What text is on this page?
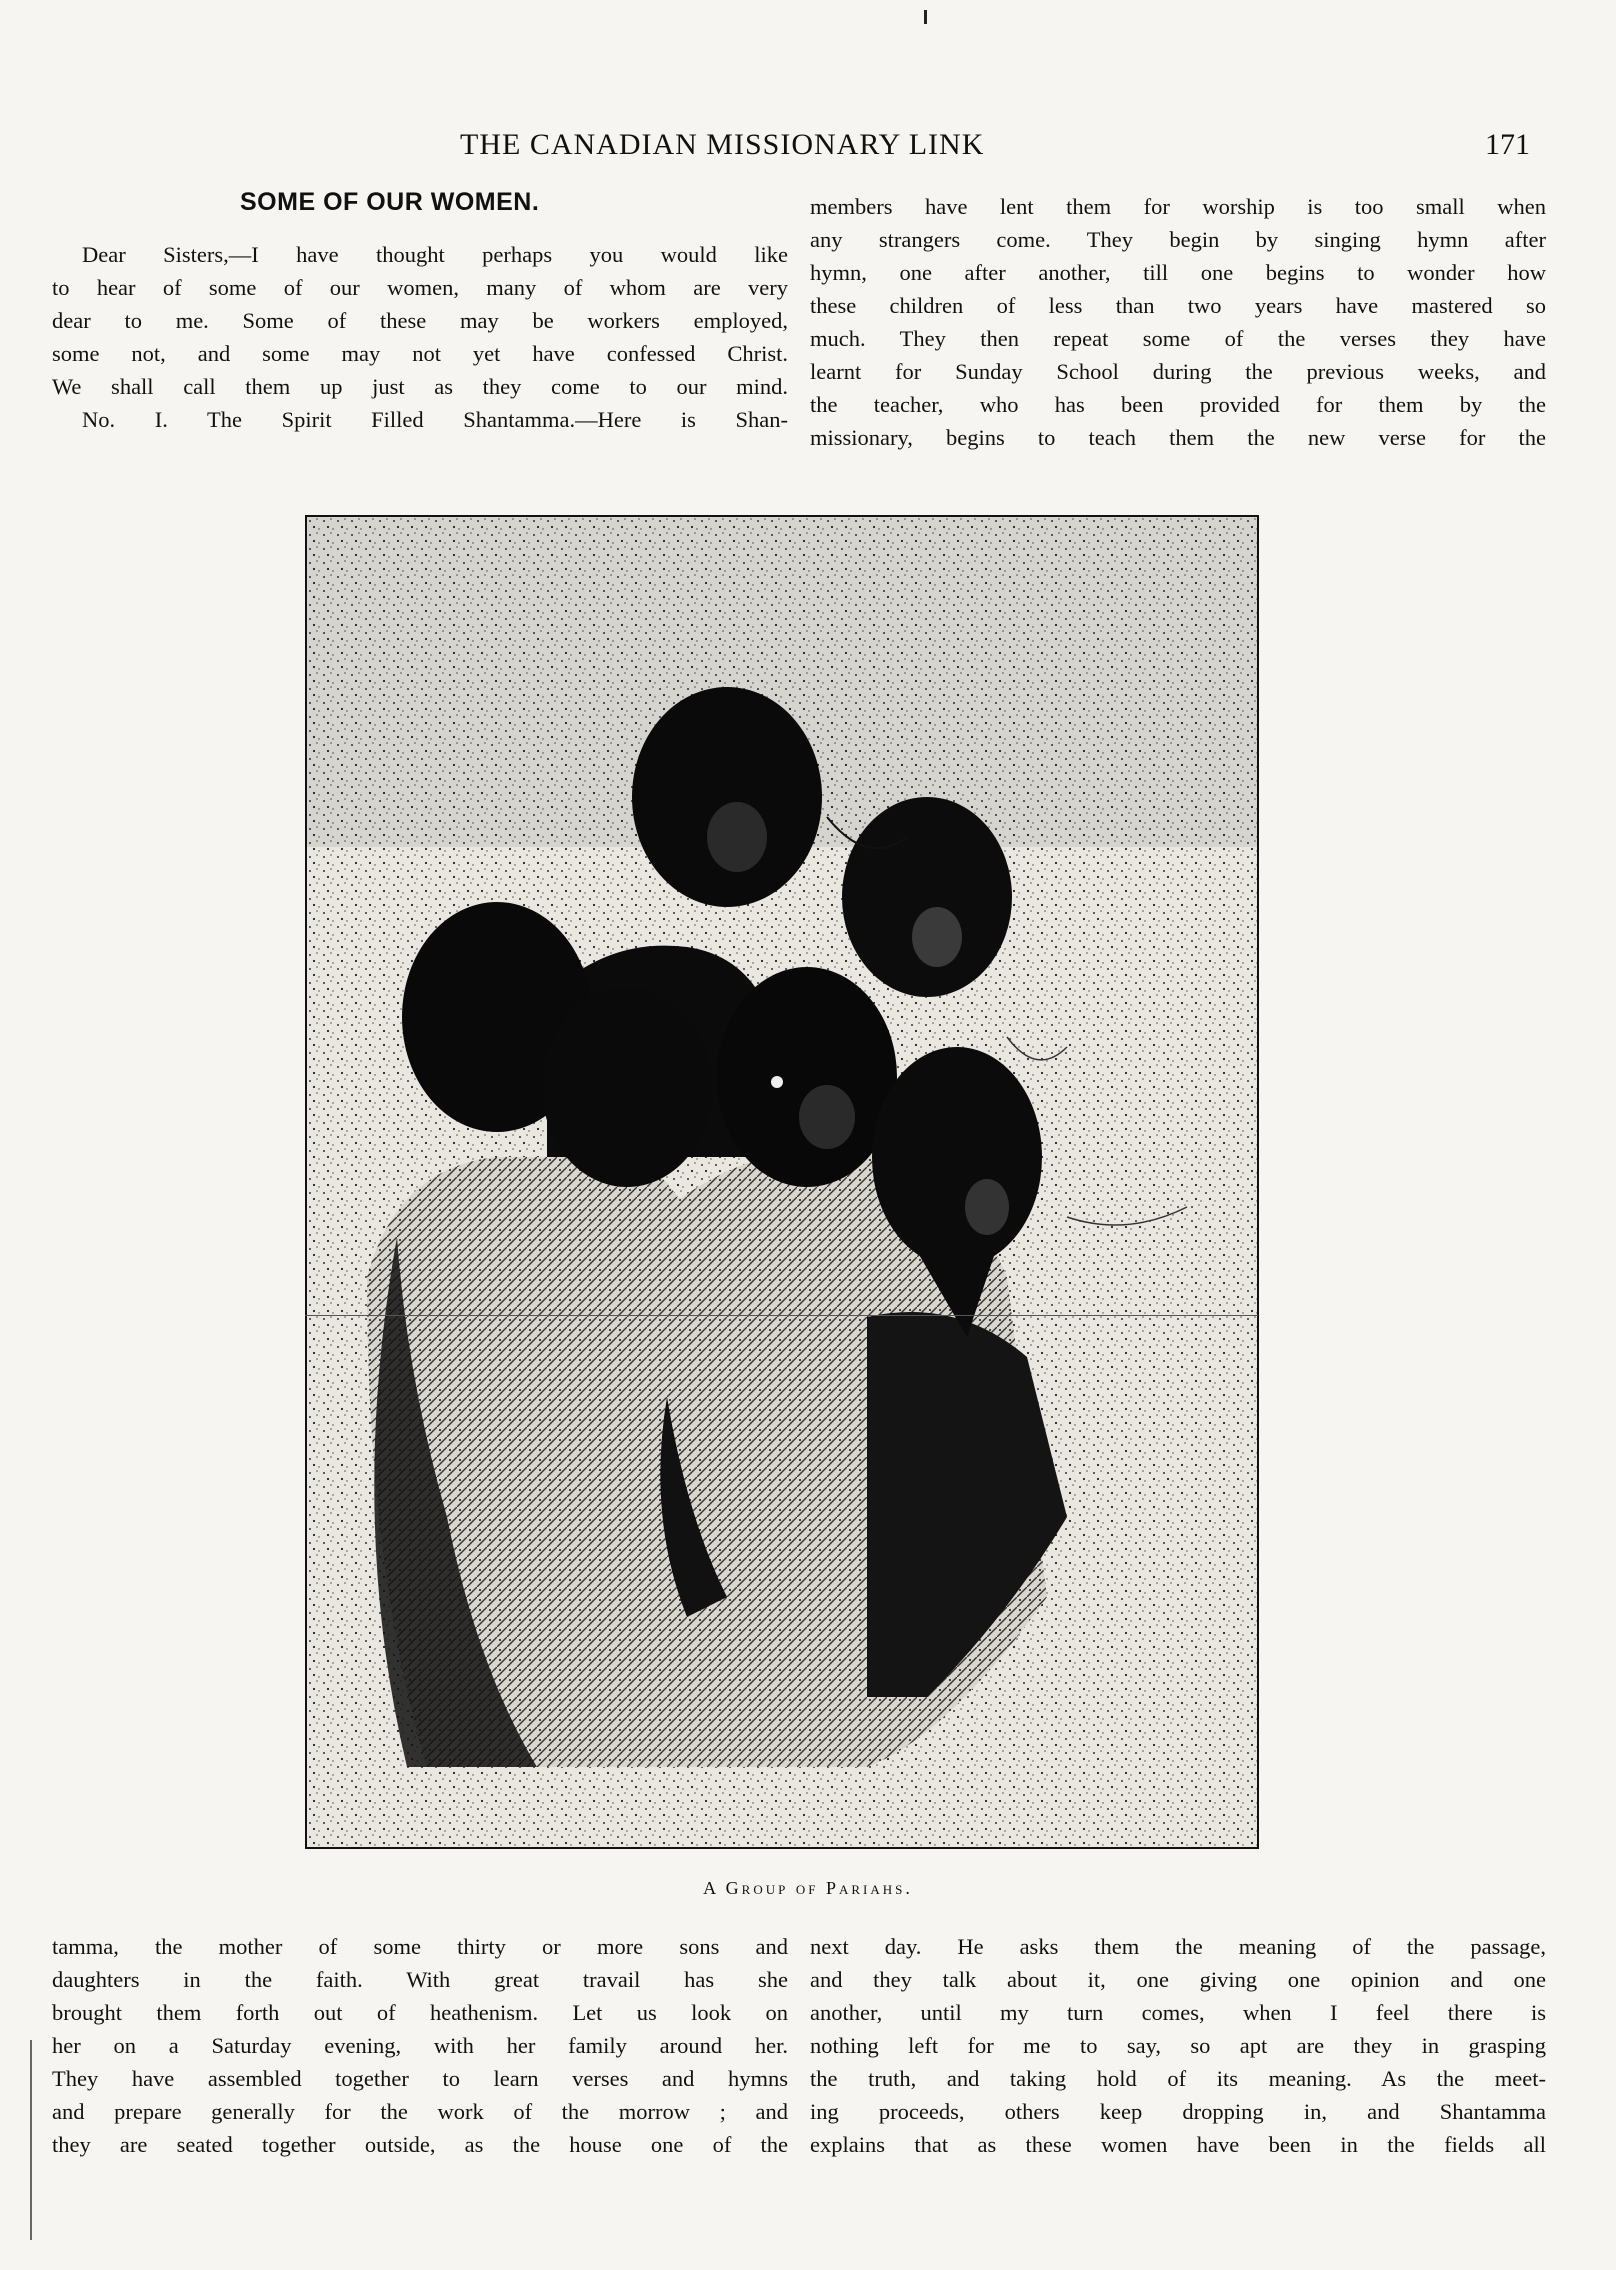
THE CANADIAN MISSIONARY LINK	171
SOME OF OUR WOMEN.
Dear Sisters,—I have thought perhaps you would like
to hear of some of our women, many of whom are very
dear to me. Some of these may be workers employed,
some not, and some may not yet have confessed Christ.
We shall call them up just as they come to our mind.
No. I. The Spirit Filled Shantamma.—Here is Shan-
members have lent them for worship is too small when
any strangers come. They begin by singing hymn after
hymn, one after another, till one begins to wonder how
these children of less than two years have mastered so
much. They then repeat some of the verses they have
learnt for Sunday School during the previous weeks, and
the teacher, who has been provided for them by the
missionary, begins to teach them the new verse for the
A Group of Pariahs.
tamma, the mother of some thirty or more sons and
daughters in the faith. With great travail has she
brought them forth out of heathenism. Let us look on
her on a Saturday evening, with her family around her.
They have assembled together to learn verses and hymns
and prepare generally for the work of the morrow ; and
they are seated together outside, as the house one of the
next day. He asks them the meaning of the passage,
and they talk about it, one giving one opinion and one
another, until my turn comes, when I feel there is
nothing left for me to say, so apt are they in grasping
the truth, and taking hold of its meaning. As the meet-
ing proceeds, others keep dropping in, and Shantamma
explains that as these women have been in the fields all
